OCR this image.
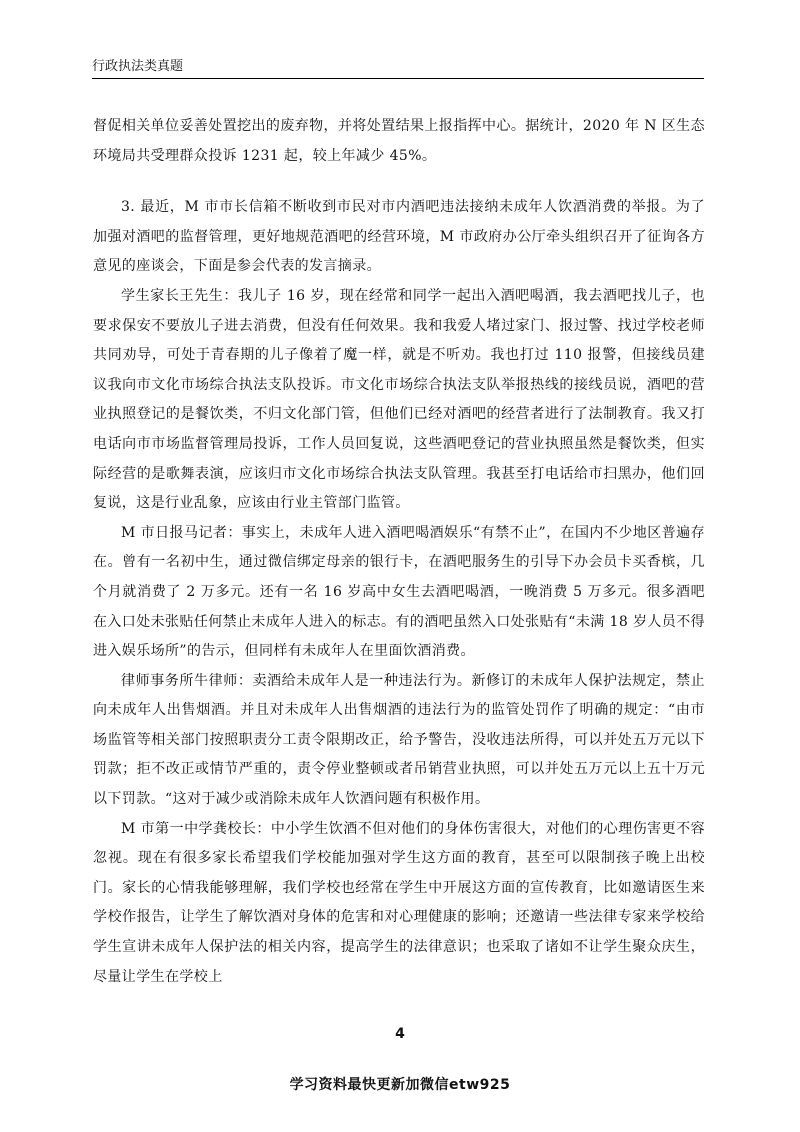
行政执法类真题

督促相关单位妥善处置挖出的废弃物，并将处置结果上报指挥中心。据统计，2020 年 N 区生态环境局共受理群众投诉 1231 起，较上年减少 45%。

3. 最近，M 市市长信箱不断收到市民对市内酒吧违法接纳未成年人饮酒消费的举报。为了加强对酒吧的监督管理，更好地规范酒吧的经营环境，M 市政府办公厅牵头组织召开了征询各方意见的座谈会，下面是参会代表的发言摘录。

学生家长王先生：我儿子 16 岁，现在经常和同学一起出入酒吧喝酒，我去酒吧找儿子，也要求保安不要放儿子进去消费，但没有任何效果。我和我爱人堵过家门、报过警、找过学校老师共同劝导，可处于青春期的儿子像着了魔一样，就是不听劝。我也打过 110 报警，但接线员建议我向市文化市场综合执法支队投诉。市文化市场综合执法支队举报热线的接线员说，酒吧的营业执照登记的是餐饮类，不归文化部门管，但他们已经对酒吧的经营者进行了法制教育。我又打电话向市市场监督管理局投诉，工作人员回复说，这些酒吧登记的营业执照虽然是餐饮类，但实际经营的是歌舞表演，应该归市文化市场综合执法支队管理。我甚至打电话给市扫黑办，他们回复说，这是行业乱象，应该由行业主管部门监管。

M 市日报马记者：事实上，未成年人进入酒吧喝酒娱乐“有禁不止”，在国内不少地区普遍存在。曾有一名初中生，通过微信绑定母亲的银行卡，在酒吧服务生的引导下办会员卡买香槟，几个月就消费了 2 万多元。还有一名 16 岁高中女生去酒吧喝酒，一晚消费 5 万多元。很多酒吧在入口处未张贴任何禁止未成年人进入的标志。有的酒吧虽然入口处张贴有“未满 18 岁人员不得进入娱乐场所”的告示，但同样有未成年人在里面饮酒消费。

律师事务所牛律师：卖酒给未成年人是一种违法行为。新修订的未成年人保护法规定，禁止向未成年人出售烟酒。并且对未成年人出售烟酒的违法行为的监管处罚作了明确的规定：“由市场监管等相关部门按照职责分工责令限期改正，给予警告，没收违法所得，可以并处五万元以下罚款；拒不改正或情节严重的，责令停业整顿或者吊销营业执照，可以并处五万元以上五十万元以下罚款。“这对于减少或消除未成年人饮酒问题有积极作用。

M 市第一中学龚校长：中小学生饮酒不但对他们的身体伤害很大，对他们的心理伤害更不容忽视。现在有很多家长希望我们学校能加强对学生这方面的教育，甚至可以限制孩子晚上出校门。家长的心情我能够理解，我们学校也经常在学生中开展这方面的宣传教育，比如邀请医生来学校作报告，让学生了解饮酒对身体的危害和对心理健康的影响；还邀请一些法律专家来学校给学生宣讲未成年人保护法的相关内容，提高学生的法律意识；也采取了诸如不让学生聚众庆生，尽量让学生在学校上

4
学习资料最快更新加微信etw925
